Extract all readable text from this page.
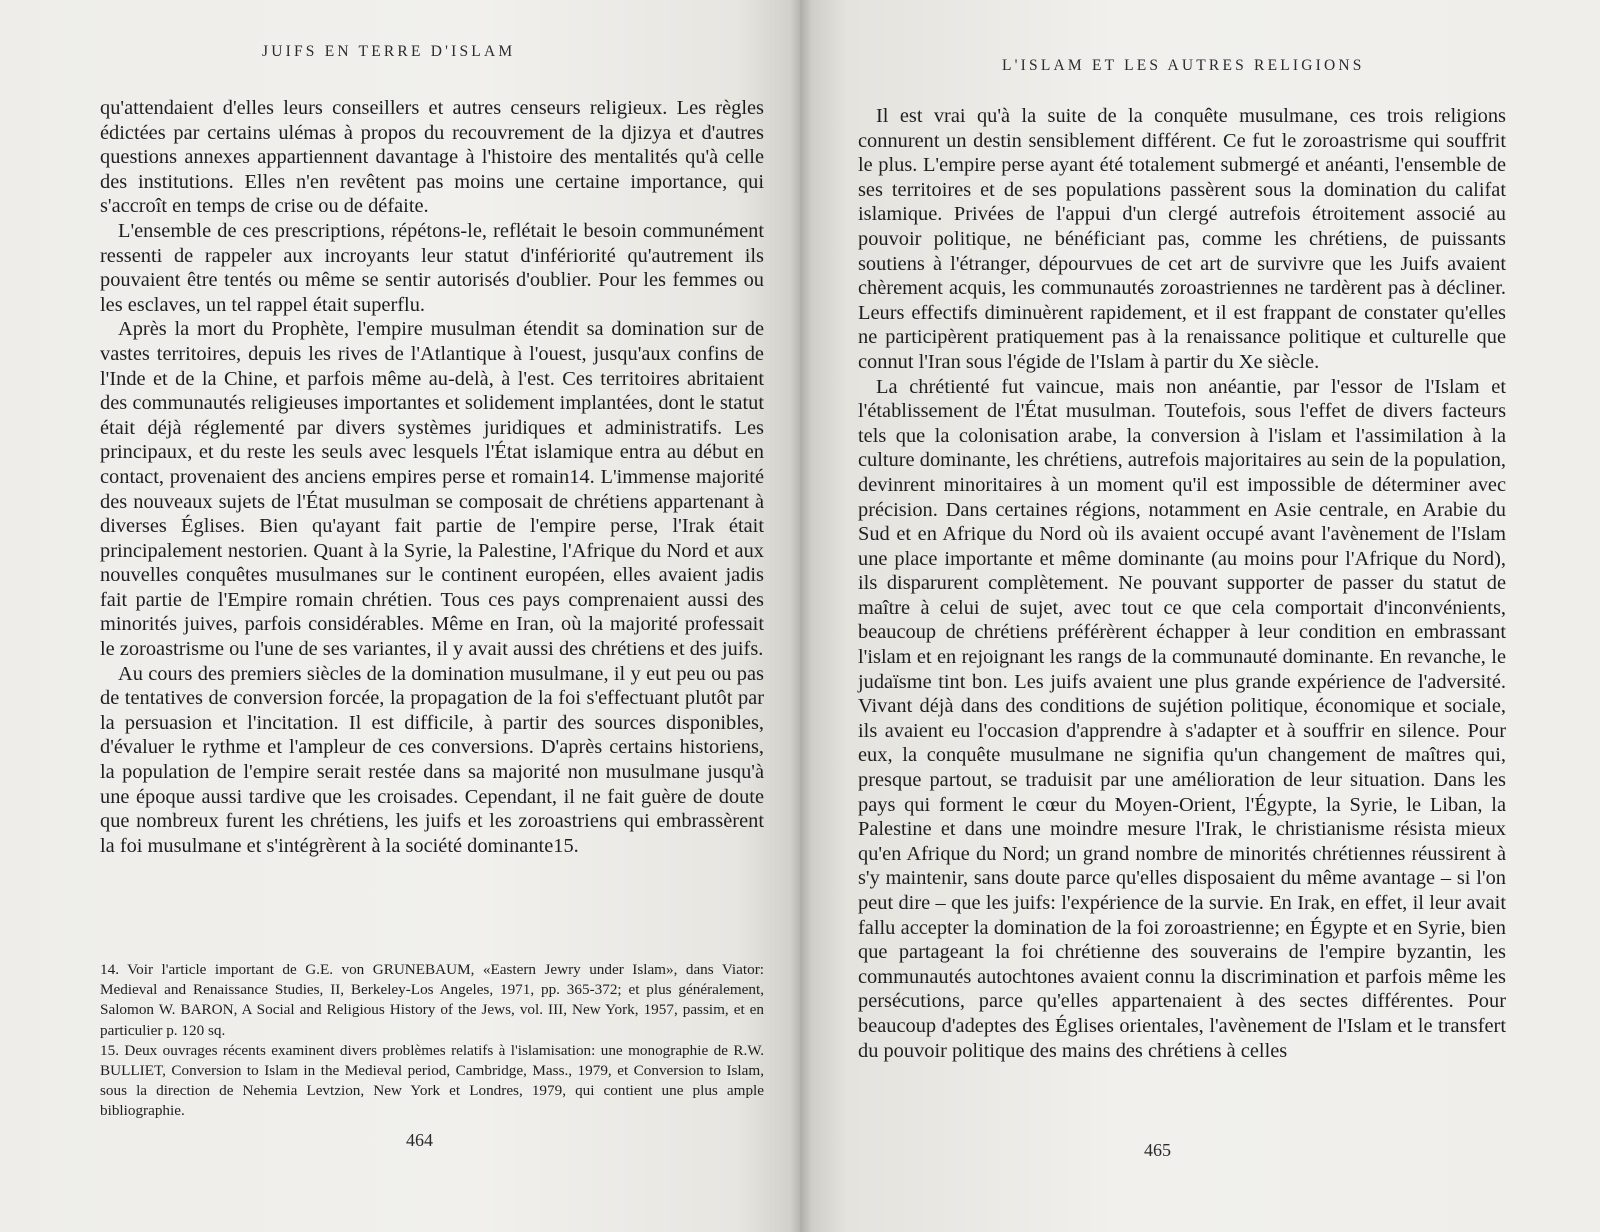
JUIFS EN TERRE D'ISLAM

qu'attendaient d'elles leurs conseillers et autres censeurs religieux. Les règles édictées par certains ulémas à propos du recouvrement de la djizya et d'autres questions annexes appartiennent davantage à l'histoire des mentalités qu'à celle des institutions. Elles n'en revêtent pas moins une certaine importance, qui s'accroît en temps de crise ou de défaite.

L'ensemble de ces prescriptions, répétons-le, reflétait le besoin communément ressenti de rappeler aux incroyants leur statut d'infériorité qu'autrement ils pouvaient être tentés ou même se sentir autorisés d'oublier. Pour les femmes ou les esclaves, un tel rappel était superflu.

Après la mort du Prophète, l'empire musulman étendit sa domination sur de vastes territoires, depuis les rives de l'Atlantique à l'ouest, jusqu'aux confins de l'Inde et de la Chine, et parfois même au-delà, à l'est. Ces territoires abritaient des communautés religieuses importantes et solidement implantées, dont le statut était déjà réglementé par divers systèmes juridiques et administratifs. Les principaux, et du reste les seuls avec lesquels l'État islamique entra au début en contact, provenaient des anciens empires perse et romain14. L'immense majorité des nouveaux sujets de l'État musulman se composait de chrétiens appartenant à diverses Églises. Bien qu'ayant fait partie de l'empire perse, l'Irak était principalement nestorien. Quant à la Syrie, la Palestine, l'Afrique du Nord et aux nouvelles conquêtes musulmanes sur le continent européen, elles avaient jadis fait partie de l'Empire romain chrétien. Tous ces pays comprenaient aussi des minorités juives, parfois considérables. Même en Iran, où la majorité professait le zoroastrisme ou l'une de ses variantes, il y avait aussi des chrétiens et des juifs.

Au cours des premiers siècles de la domination musulmane, il y eut peu ou pas de tentatives de conversion forcée, la propagation de la foi s'effectuant plutôt par la persuasion et l'incitation. Il est difficile, à partir des sources disponibles, d'évaluer le rythme et l'ampleur de ces conversions. D'après certains historiens, la population de l'empire serait restée dans sa majorité non musulmane jusqu'à une époque aussi tardive que les croisades. Cependant, il ne fait guère de doute que nombreux furent les chrétiens, les juifs et les zoroastriens qui embrassèrent la foi musulmane et s'intégrèrent à la société dominante15.

14. Voir l'article important de G.E. von GRUNEBAUM, «Eastern Jewry under Islam», dans Viator: Medieval and Renaissance Studies, II, Berkeley-Los Angeles, 1971, pp. 365-372; et plus généralement, Salomon W. BARON, A Social and Religious History of the Jews, vol. III, New York, 1957, passim, et en particulier p. 120 sq.

15. Deux ouvrages récents examinent divers problèmes relatifs à l'islamisation: une monographie de R.W. BULLIET, Conversion to Islam in the Medieval period, Cambridge, Mass., 1979, et Conversion to Islam, sous la direction de Nehemia Levtzion, New York et Londres, 1979, qui contient une plus ample bibliographie.

464
L'ISLAM ET LES AUTRES RELIGIONS

Il est vrai qu'à la suite de la conquête musulmane, ces trois religions connurent un destin sensiblement différent. Ce fut le zoroastrisme qui souffrit le plus. L'empire perse ayant été totalement submergé et anéanti, l'ensemble de ses territoires et de ses populations passèrent sous la domination du califat islamique. Privées de l'appui d'un clergé autrefois étroitement associé au pouvoir politique, ne bénéficiant pas, comme les chrétiens, de puissants soutiens à l'étranger, dépourvues de cet art de survivre que les Juifs avaient chèrement acquis, les communautés zoroastriennes ne tardèrent pas à décliner. Leurs effectifs diminuèrent rapidement, et il est frappant de constater qu'elles ne participèrent pratiquement pas à la renaissance politique et culturelle que connut l'Iran sous l'égide de l'Islam à partir du Xe siècle.

La chrétienté fut vaincue, mais non anéantie, par l'essor de l'Islam et l'établissement de l'État musulman. Toutefois, sous l'effet de divers facteurs tels que la colonisation arabe, la conversion à l'islam et l'assimilation à la culture dominante, les chrétiens, autrefois majoritaires au sein de la population, devinrent minoritaires à un moment qu'il est impossible de déterminer avec précision. Dans certaines régions, notamment en Asie centrale, en Arabie du Sud et en Afrique du Nord où ils avaient occupé avant l'avènement de l'Islam une place importante et même dominante (au moins pour l'Afrique du Nord), ils disparurent complètement. Ne pouvant supporter de passer du statut de maître à celui de sujet, avec tout ce que cela comportait d'inconvénients, beaucoup de chrétiens préférèrent échapper à leur condition en embrassant l'islam et en rejoignant les rangs de la communauté dominante. En revanche, le judaïsme tint bon. Les juifs avaient une plus grande expérience de l'adversité. Vivant déjà dans des conditions de sujétion politique, économique et sociale, ils avaient eu l'occasion d'apprendre à s'adapter et à souffrir en silence. Pour eux, la conquête musulmane ne signifia qu'un changement de maîtres qui, presque partout, se traduisit par une amélioration de leur situation. Dans les pays qui forment le cœur du Moyen-Orient, l'Égypte, la Syrie, le Liban, la Palestine et dans une moindre mesure l'Irak, le christianisme résista mieux qu'en Afrique du Nord; un grand nombre de minorités chrétiennes réussirent à s'y maintenir, sans doute parce qu'elles disposaient du même avantage – si l'on peut dire – que les juifs: l'expérience de la survie. En Irak, en effet, il leur avait fallu accepter la domination de la foi zoroastrienne; en Égypte et en Syrie, bien que partageant la foi chrétienne des souverains de l'empire byzantin, les communautés autochtones avaient connu la discrimination et parfois même les persécutions, parce qu'elles appartenaient à des sectes différentes. Pour beaucoup d'adeptes des Églises orientales, l'avènement de l'Islam et le transfert du pouvoir politique des mains des chrétiens à celles

465
